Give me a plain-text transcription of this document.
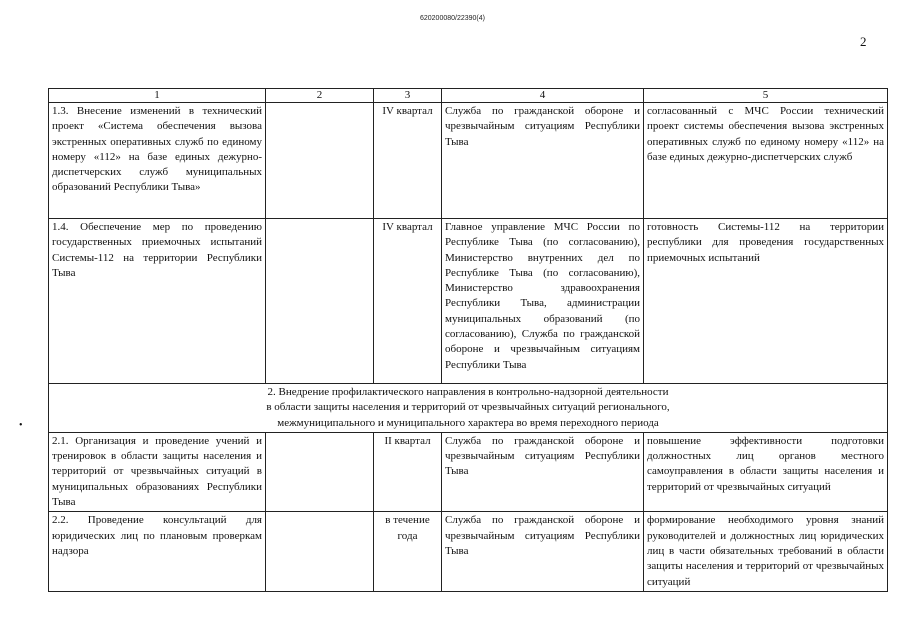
620200080/22390(4)
2
•
1	2	3	4	5
1.3. Внесение изменений в технический проект «Система обеспечения вызова экстренных оперативных служб по единому номеру «112» на базе единых дежурно-диспетчерских служб муниципальных образований Республики Тыва»		IV квартал	Служба по гражданской обороне и чрезвычайным ситуациям Республики Тыва	согласованный с МЧС России технический проект системы обеспечения вызова экстренных оперативных служб по единому номеру «112» на базе единых дежурно-диспетчерских служб
1.4. Обеспечение мер по проведению государственных приемочных испытаний Системы-112 на территории Республики Тыва		IV квартал	Главное управление МЧС России по Республике Тыва (по согласованию), Министерство внутренних дел по Республике Тыва (по согласованию), Министерство здравоохранения Республики Тыва, администрации муниципальных образований (по согласованию), Служба по гражданской обороне и чрезвычайным ситуациям Республики Тыва	готовность Системы-112 на территории республики для проведения государственных приемочных испытаний

2. Внедрение профилактического направления в контрольно-надзорной деятельности
в области защиты населения и территорий от чрезвычайных ситуаций регионального,
межмуниципального и муниципального характера во время переходного периода				

2.1. Организация и проведение учений и тренировок в области защиты населения и территорий от чрезвычайных ситуаций в муниципальных образованиях Республики Тыва		II квартал	Служба по гражданской обороне и чрезвычайным ситуациям Республики Тыва	повышение эффективности подготовки должностных лиц органов местного самоуправления в области защиты населения и территорий от чрезвычайных ситуаций
2.2. Проведение консультаций для юридических лиц по плановым проверкам надзора		в течение года	Служба по гражданской обороне и чрезвычайным ситуациям Республики Тыва	формирование необходимого уровня знаний руководителей и должностных лиц юридических лиц в части обязательных требований в области защиты населения и территорий от чрезвычайных ситуаций
